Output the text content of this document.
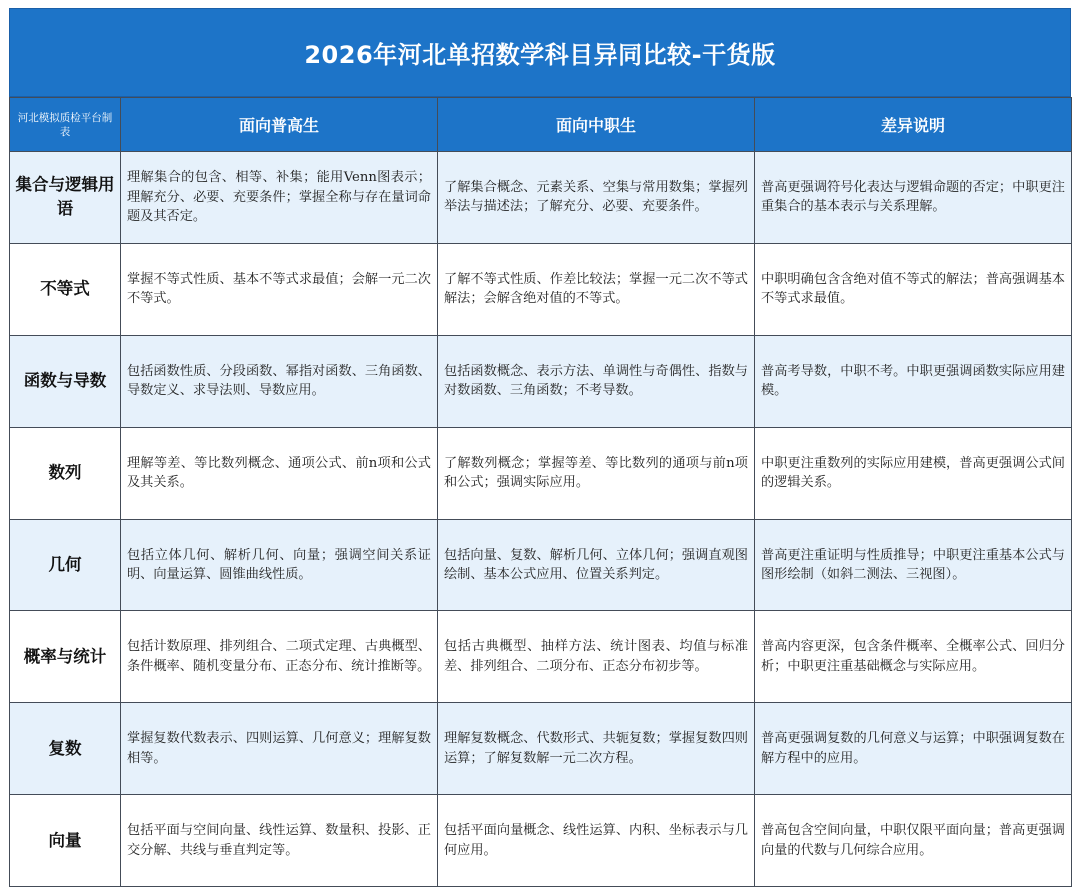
2026年河北单招数学科目异同比较-干货版
河北模拟质检平台制表	面向普高生	面向中职生	差异说明
集合与逻辑用语	理解集合的包含、相等、补集；能用Venn图表示；理解充分、必要、充要条件；掌握全称与存在量词命题及其否定。	了解集合概念、元素关系、空集与常用数集；掌握列举法与描述法；了解充分、必要、充要条件。	普高更强调符号化表达与逻辑命题的否定；中职更注重集合的基本表示与关系理解。
不等式	掌握不等式性质、基本不等式求最值；会解一元二次不等式。	了解不等式性质、作差比较法；掌握一元二次不等式解法；会解含绝对值的不等式。	中职明确包含含绝对值不等式的解法；普高强调基本不等式求最值。
函数与导数	包括函数性质、分段函数、幂指对函数、三角函数、导数定义、求导法则、导数应用。	包括函数概念、表示方法、单调性与奇偶性、指数与对数函数、三角函数；不考导数。	普高考导数，中职不考。中职更强调函数实际应用建模。
数列	理解等差、等比数列概念、通项公式、前n项和公式及其关系。	了解数列概念；掌握等差、等比数列的通项与前n项和公式；强调实际应用。	中职更注重数列的实际应用建模，普高更强调公式间的逻辑关系。
几何	包括立体几何、解析几何、向量；强调空间关系证明、向量运算、圆锥曲线性质。	包括向量、复数、解析几何、立体几何；强调直观图绘制、基本公式应用、位置关系判定。	普高更注重证明与性质推导；中职更注重基本公式与图形绘制（如斜二测法、三视图）。
概率与统计	包括计数原理、排列组合、二项式定理、古典概型、条件概率、随机变量分布、正态分布、统计推断等。	包括古典概型、抽样方法、统计图表、均值与标准差、排列组合、二项分布、正态分布初步等。	普高内容更深，包含条件概率、全概率公式、回归分析；中职更注重基础概念与实际应用。
复数	掌握复数代数表示、四则运算、几何意义；理解复数相等。	理解复数概念、代数形式、共轭复数；掌握复数四则运算；了解复数解一元二次方程。	普高更强调复数的几何意义与运算；中职强调复数在解方程中的应用。
向量	包括平面与空间向量、线性运算、数量积、投影、正交分解、共线与垂直判定等。	包括平面向量概念、线性运算、内积、坐标表示与几何应用。	普高包含空间向量，中职仅限平面向量；普高更强调向量的代数与几何综合应用。
